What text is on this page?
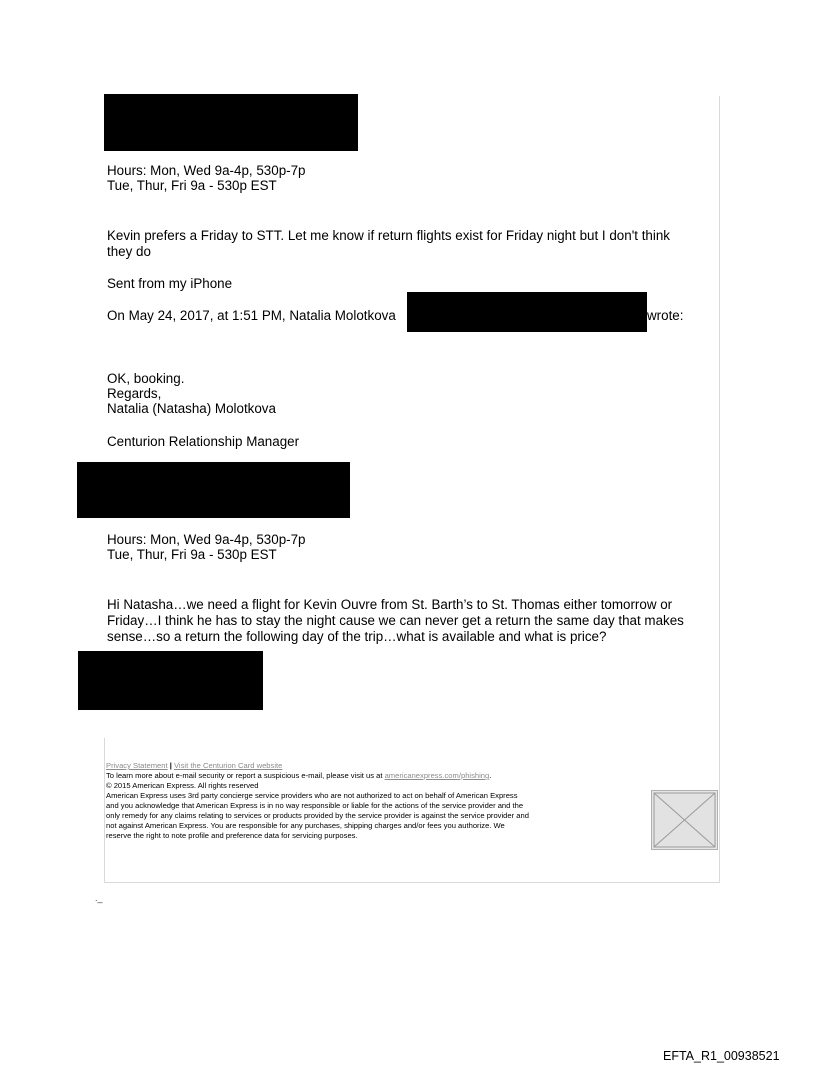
Hours: Mon, Wed 9a-4p, 530p-7p
Tue, Thur, Fri 9a - 530p EST
Kevin prefers a Friday to STT. Let me know if return flights exist for Friday night but I don't think
they do
Sent from my iPhone
On May 24, 2017, at 1:51 PM, Natalia Molotkova	wrote:
OK, booking.
Regards,
Natalia (Natasha) Molotkova
Centurion Relationship Manager
Hours: Mon, Wed 9a-4p, 530p-7p
Tue, Thur, Fri 9a - 530p EST
Hi Natasha…we need a flight for Kevin Ouvre from St. Barth’s to St. Thomas either tomorrow or
Friday…I think he has to stay the night cause we can never get a return the same day that makes
sense…so a return the following day of the trip…what is available and what is price?
Privacy Statement | Visit the Centurion Card website
To learn more about e-mail security or report a suspicious e-mail, please visit us at americanexpress.com/phishing.
© 2015 American Express. All rights reserved
American Express uses 3rd party concierge service providers who are not authorized to act on behalf of American Express
and you acknowledge that American Express is in no way responsible or liable for the actions of the service provider and the
only remedy for any claims relating to services or products provided by the service provider is against the service provider and
not against American Express. You are responsible for any purchases, shipping charges and/or fees you authorize. We
reserve the right to note profile and preference data for servicing purposes.
._
EFTA_R1_00938521
